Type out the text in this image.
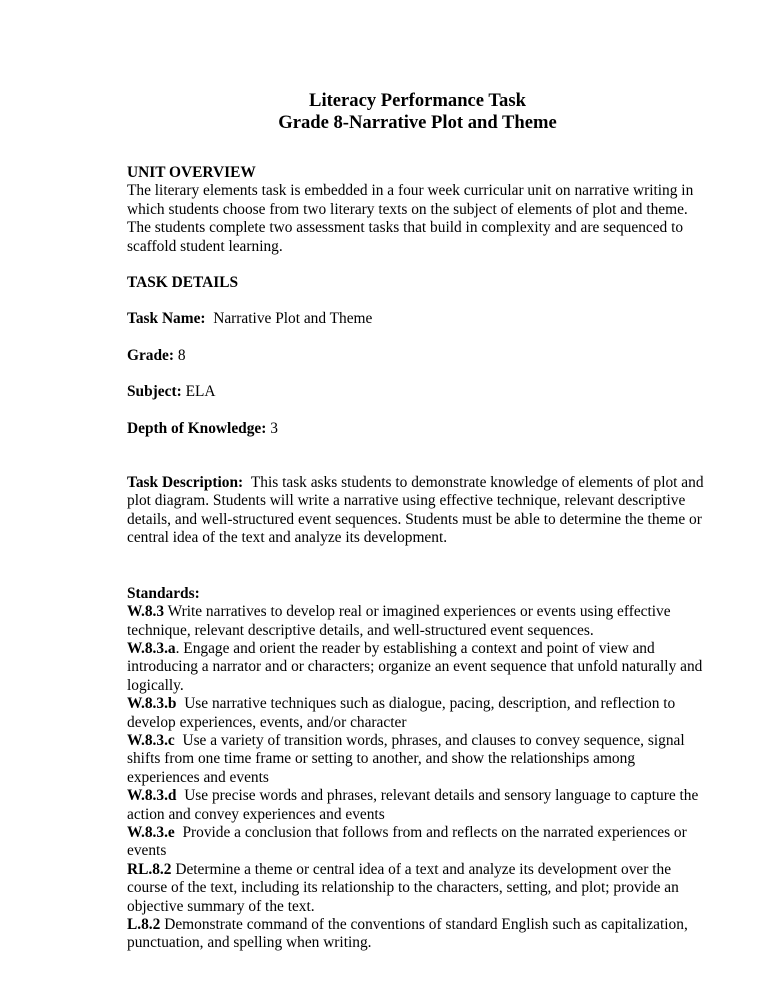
Literacy Performance Task
Grade 8-Narrative Plot and Theme
UNIT OVERVIEW

The literary elements task is embedded in a four week curricular unit on narrative writing in which students choose from two literary texts on the subject of elements of plot and theme. The students complete two assessment tasks that build in complexity and are sequenced to scaffold student learning.

TASK DETAILS

Task Name: Narrative Plot and Theme

Grade: 8

Subject: ELA

Depth of Knowledge: 3

Task Description: This task asks students to demonstrate knowledge of elements of plot and plot diagram. Students will write a narrative using effective technique, relevant descriptive details, and well-structured event sequences. Students must be able to determine the theme or central idea of the text and analyze its development.

Standards:

W.8.3 Write narratives to develop real or imagined experiences or events using effective technique, relevant descriptive details, and well-structured event sequences.

W.8.3.a. Engage and orient the reader by establishing a context and point of view and introducing a narrator and or characters; organize an event sequence that unfold naturally and logically.

W.8.3.b Use narrative techniques such as dialogue, pacing, description, and reflection to develop experiences, events, and/or character

W.8.3.c Use a variety of transition words, phrases, and clauses to convey sequence, signal shifts from one time frame or setting to another, and show the relationships among experiences and events

W.8.3.d Use precise words and phrases, relevant details and sensory language to capture the action and convey experiences and events

W.8.3.e Provide a conclusion that follows from and reflects on the narrated experiences or events

RL.8.2 Determine a theme or central idea of a text and analyze its development over the course of the text, including its relationship to the characters, setting, and plot; provide an objective summary of the text.

L.8.2 Demonstrate command of the conventions of standard English such as capitalization, punctuation, and spelling when writing.
